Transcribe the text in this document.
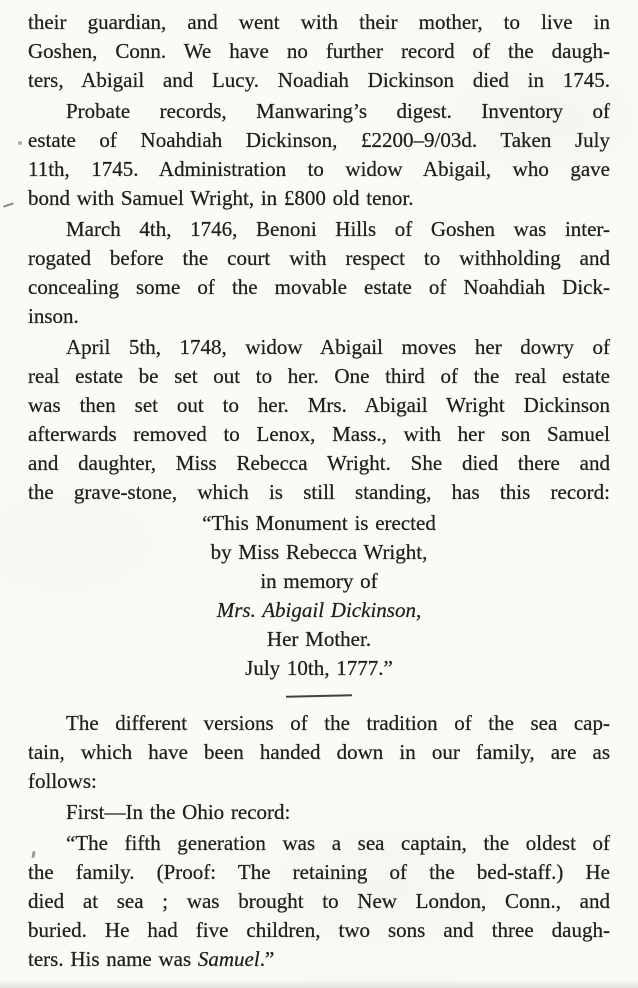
their guardian, and went with their mother, to live in
Goshen, Conn. We have no further record of the daugh-
ters, Abigail and Lucy. Noadiah Dickinson died in 1745.
Probate records, Manwaring’s digest. Inventory of
estate of Noahdiah Dickinson, £2200–9/03d. Taken July
11th, 1745. Administration to widow Abigail, who gave
bond with Samuel Wright, in £800 old tenor.
March 4th, 1746, Benoni Hills of Goshen was inter-
rogated before the court with respect to withholding and
concealing some of the movable estate of Noahdiah Dick-
inson.
April 5th, 1748, widow Abigail moves her dowry of
real estate be set out to her. One third of the real estate
was then set out to her. Mrs. Abigail Wright Dickinson
afterwards removed to Lenox, Mass., with her son Samuel
and daughter, Miss Rebecca Wright. She died there and
the grave-stone, which is still standing, has this record:
“This Monument is erected
by Miss Rebecca Wright,
in memory of
Mrs. Abigail Dickinson,
Her Mother.
July 10th, 1777.”
The different versions of the tradition of the sea cap-
tain, which have been handed down in our family, are as
follows:
First—In the Ohio record:
“The fifth generation was a sea captain, the oldest of
the family. (Proof: The retaining of the bed-staff.) He
died at sea ; was brought to New London, Conn., and
buried. He had five children, two sons and three daugh-
ters. His name was Samuel.”
